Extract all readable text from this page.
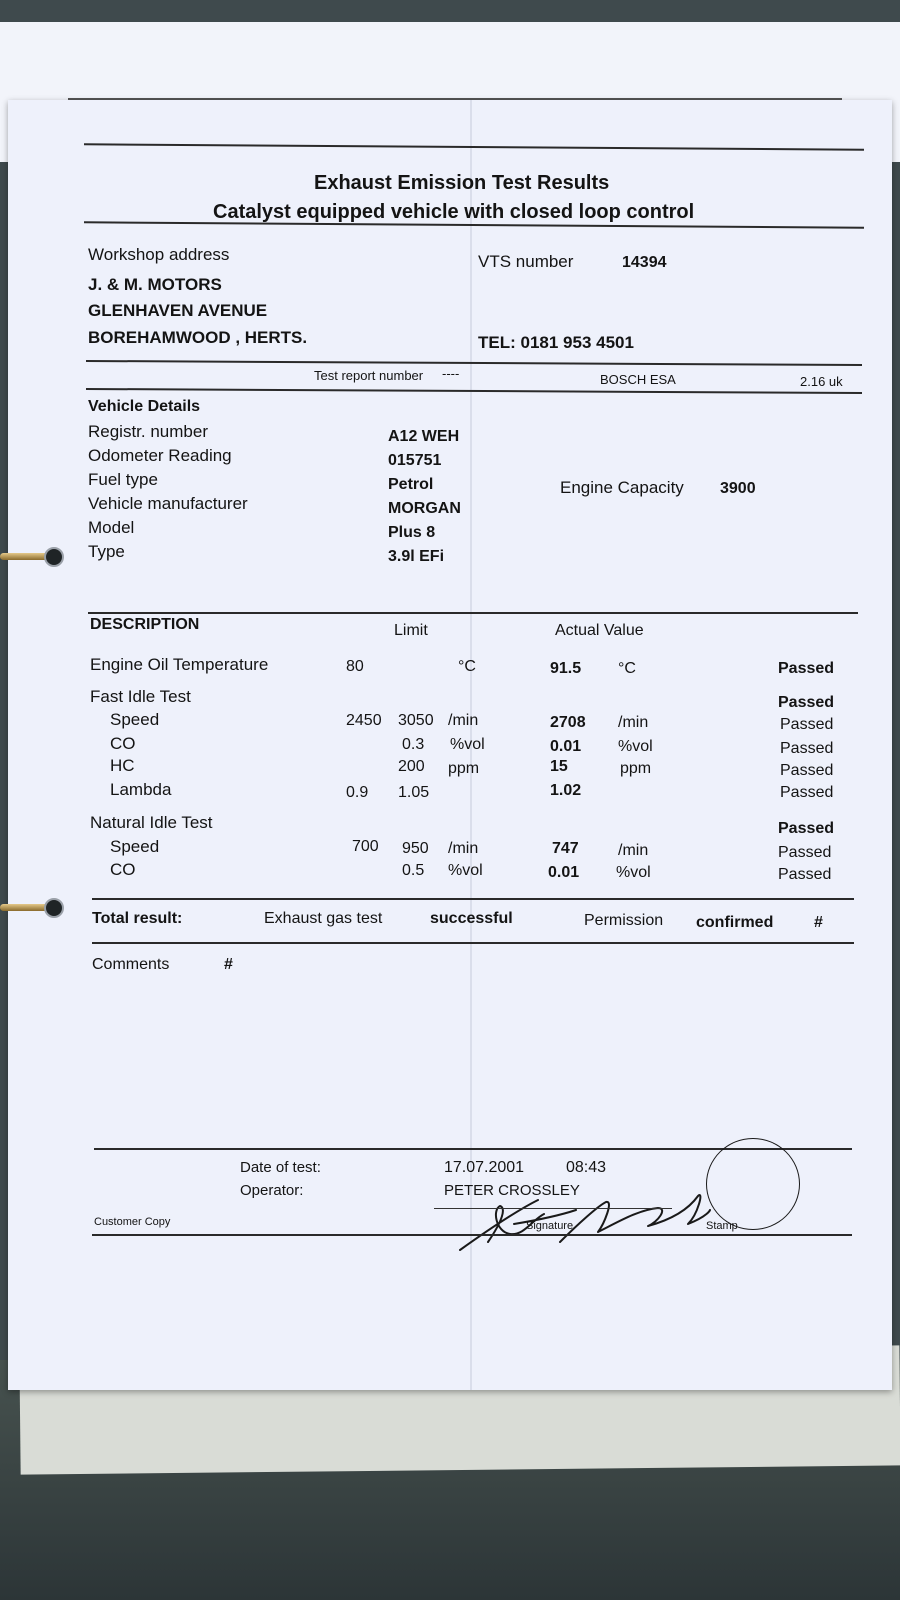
Exhaust Emission Test Results
Catalyst equipped vehicle with closed loop control
Workshop address
J. & M. MOTORS
GLENHAVEN AVENUE
BOREHAMWOOD , HERTS.
VTS number	14394
TEL: 0181 953 4501
Test report number ----	BOSCH ESA	2.16 uk
Vehicle Details
Registr. number	A12 WEH
Odometer Reading	015751
Fuel type	Petrol	Engine Capacity 3900
Vehicle manufacturer	MORGAN
Model	Plus 8
Type	3.9l EFi
DESCRIPTION	Limit	Actual Value
Engine Oil Temperature	80	°C	91.5 °C	Passed
Fast Idle Test	Passed
Speed	2450 3050 /min	2708 /min	Passed
CO	0.3 %vol	0.01 %vol	Passed
HC	200 ppm	15	ppm	Passed
Lambda	0.9 1.05	1.02	Passed
Natural Idle Test	Passed
Speed	700 950 /min	747 /min	Passed
CO	0.5 %vol	0.01 %vol	Passed
Total result:	Exhaust gas test	successful	Permission confirmed	#
Comments	#
Date of test:	17.07.2001	08:43
Operator:	PETER CROSSLEY
Customer Copy	Signature	Stamp
